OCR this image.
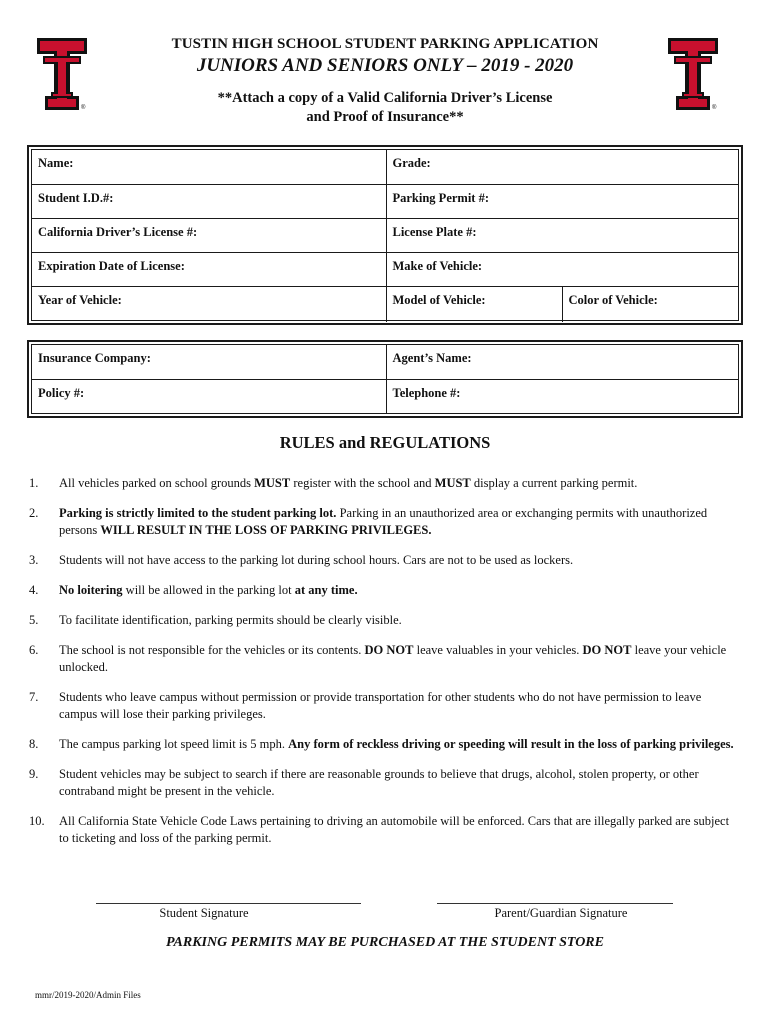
®	®
TUSTIN HIGH SCHOOL STUDENT PARKING APPLICATION
JUNIORS AND SENIORS ONLY – 2019 - 2020
**Attach a copy of a Valid California Driver’s License
and Proof of Insurance**
Name:	Grade:	
Student I.D.#:	Parking Permit #:	
California Driver’s License #:	License Plate #:	
Expiration Date of License:	Make of Vehicle:	
Year of Vehicle:	Model of Vehicle:	Color of Vehicle:
Insurance Company:	Agent’s Name:
Policy #:	Telephone #:
RULES and REGULATIONS
1.	All vehicles parked on school grounds MUST register with the school and MUST display a current parking permit.
2.	Parking is strictly limited to the student parking lot. Parking in an unauthorized area or exchanging permits with unauthorized persons WILL RESULT IN THE LOSS OF PARKING PRIVILEGES.
3.	Students will not have access to the parking lot during school hours. Cars are not to be used as lockers.
4.	No loitering will be allowed in the parking lot at any time.
5.	To facilitate identification, parking permits should be clearly visible.
6.	The school is not responsible for the vehicles or its contents. DO NOT leave valuables in your vehicles. DO NOT leave your vehicle unlocked.
7.	Students who leave campus without permission or provide transportation for other students who do not have permission to leave campus will lose their parking privileges.
8.	The campus parking lot speed limit is 5 mph. Any form of reckless driving or speeding will result in the loss of parking privileges.
9.	Student vehicles may be subject to search if there are reasonable grounds to believe that drugs, alcohol, stolen property, or other contraband might be present in the vehicle.
10.	All California State Vehicle Code Laws pertaining to driving an automobile will be enforced. Cars that are illegally parked are subject to ticketing and loss of the parking permit.
Student Signature	Parent/Guardian Signature
PARKING PERMITS MAY BE PURCHASED AT THE STUDENT STORE
mmr/2019-2020/Admin Files
